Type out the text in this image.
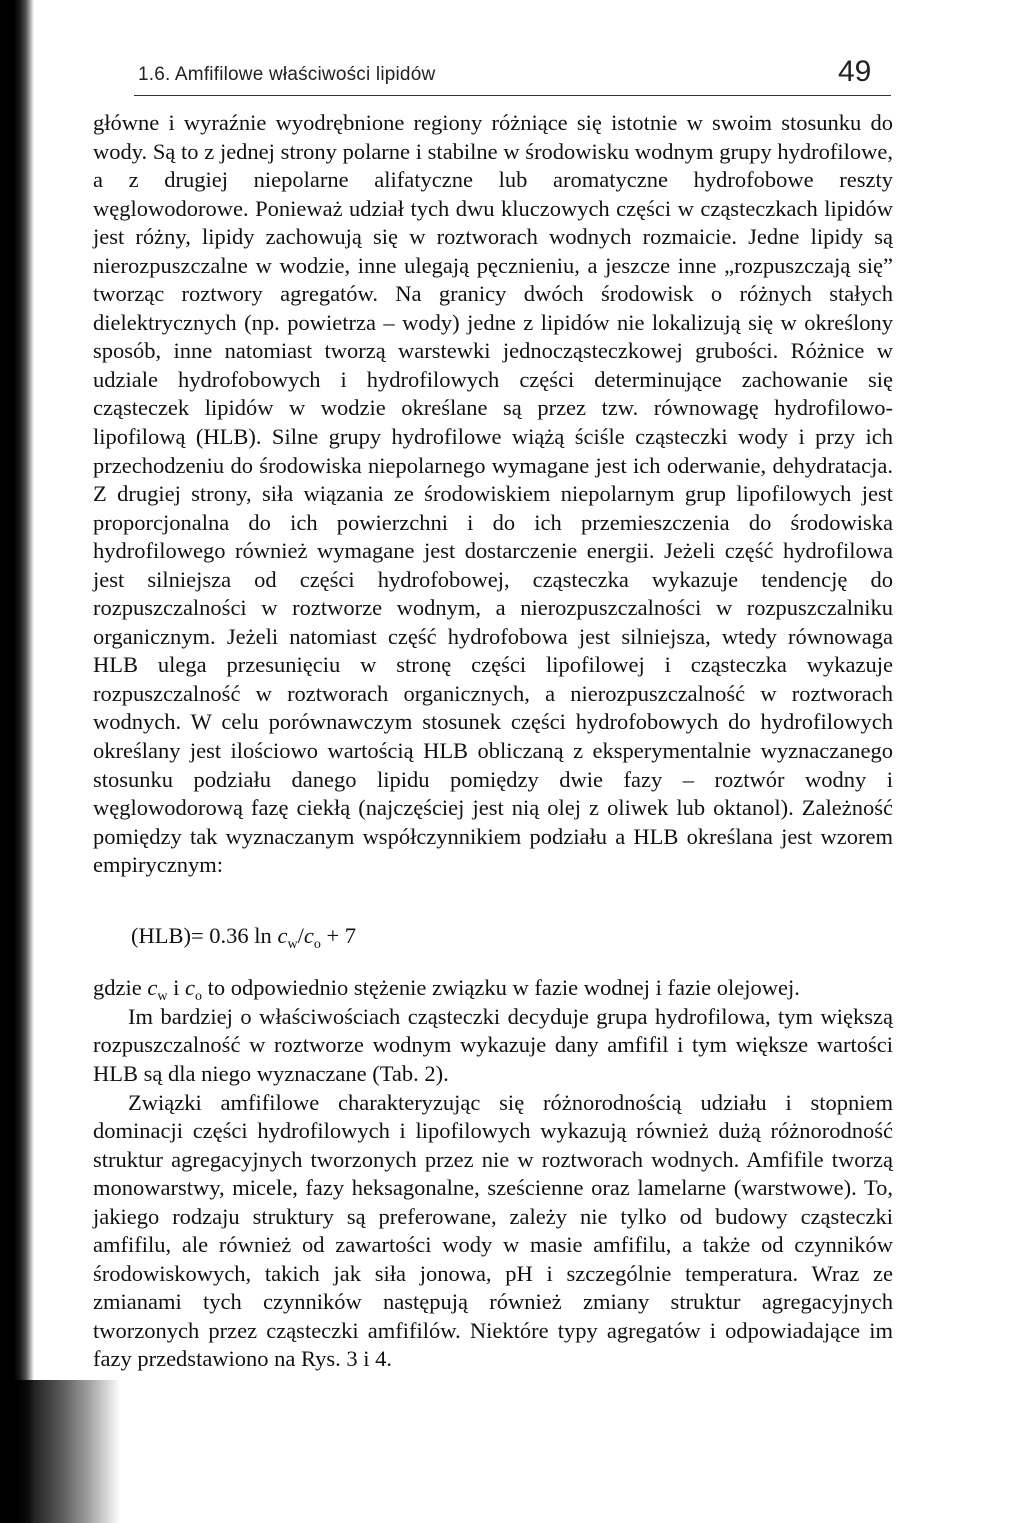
1.6. Amfifilowe właściwości lipidów	49

główne i wyraźnie wyodrębnione regiony różniące się istotnie w swoim stosunku do wody. Są to z jednej strony polarne i stabilne w środowisku wodnym grupy hydrofilowe, a z drugiej niepolarne alifatyczne lub aromatyczne hydrofobowe reszty węglowodorowe. Ponieważ udział tych dwu kluczowych części w cząsteczkach lipidów jest różny, lipidy zachowują się w roztworach wodnych rozmaicie. Jedne lipidy są nierozpuszczalne w wodzie, inne ulegają pęcznieniu, a jeszcze inne „rozpuszczają się” tworząc roztwory agregatów. Na granicy dwóch środowisk o różnych stałych dielektrycznych (np. powietrza – wody) jedne z lipidów nie lokalizują się w określony sposób, inne natomiast tworzą warstewki jednocząsteczkowej grubości. Różnice w udziale hydrofobowych i hydrofilowych części determinujące zachowanie się cząsteczek lipidów w wodzie określane są przez tzw. równowagę hydrofilowo-lipofilową (HLB). Silne grupy hydrofilowe wiążą ściśle cząsteczki wody i przy ich przechodzeniu do środowiska niepolarnego wymagane jest ich oderwanie, dehydratacja. Z drugiej strony, siła wiązania ze środowiskiem niepolarnym grup lipofilowych jest proporcjonalna do ich powierzchni i do ich przemieszczenia do środowiska hydrofilowego również wymagane jest dostarczenie energii. Jeżeli część hydrofilowa jest silniejsza od części hydrofobowej, cząsteczka wykazuje tendencję do rozpuszczalności w roztworze wodnym, a nierozpuszczalności w rozpuszczalniku organicznym. Jeżeli natomiast część hydrofobowa jest silniejsza, wtedy równowaga HLB ulega przesunięciu w stronę części lipofilowej i cząsteczka wykazuje rozpuszczalność w roztworach organicznych, a nierozpuszczalność w roztworach wodnych. W celu porównawczym stosunek części hydrofobowych do hydrofilowych określany jest ilościowo wartością HLB obliczaną z eksperymentalnie wyznaczanego stosunku podziału danego lipidu pomiędzy dwie fazy – roztwór wodny i węglowodorową fazę ciekłą (najczęściej jest nią olej z oliwek lub oktanol). Zależność pomiędzy tak wyznaczanym współczynnikiem podziału a HLB określana jest wzorem empirycznym:

(HLB)= 0.36 $\ln c_w/c_o + 7$

gdzie $c_w$ i $c_o$ to odpowiednio stężenie związku w fazie wodnej i fazie olejowej.

Im bardziej o właściwościach cząsteczki decyduje grupa hydrofilowa, tym większą rozpuszczalność w roztworze wodnym wykazuje dany amfifil i tym większe wartości HLB są dla niego wyznaczane (Tab. 2).

Związki amfifilowe charakteryzując się różnorodnością udziału i stopniem dominacji części hydrofilowych i lipofilowych wykazują również dużą różnorodność struktur agregacyjnych tworzonych przez nie w roztworach wodnych. Amfifile tworzą monowarstwy, micele, fazy heksagonalne, sześcienne oraz lamelarne (warstwowe). To, jakiego rodzaju struktury są preferowane, zależy nie tylko od budowy cząsteczki amfifilu, ale również od zawartości wody w masie amfifilu, a także od czynników środowiskowych, takich jak siła jonowa, pH i szczególnie temperatura. Wraz ze zmianami tych czynników następują również zmiany struktur agregacyjnych tworzonych przez cząsteczki amfifilów. Niektóre typy agregatów i odpowiadające im fazy przedstawiono na Rys. 3 i 4.
